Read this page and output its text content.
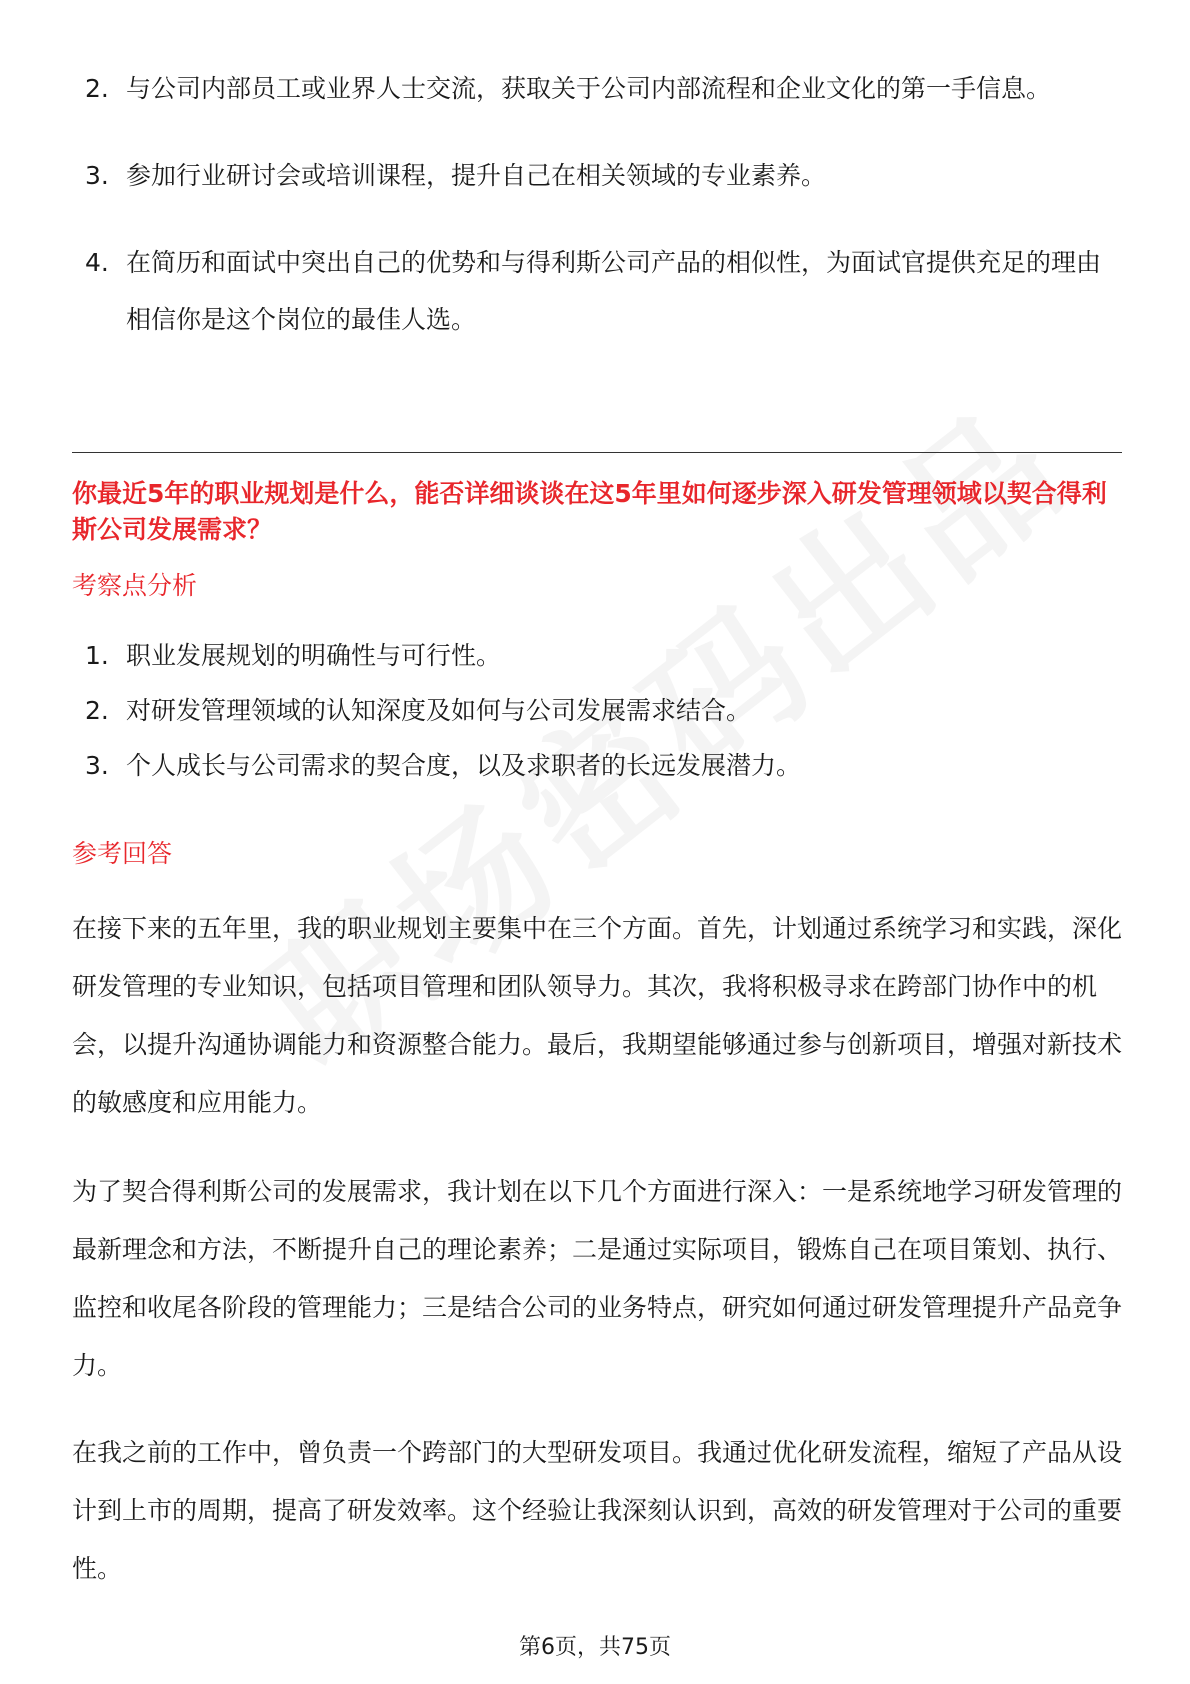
2. 与公司内部员工或业界人士交流，获取关于公司内部流程和企业文化的第一手信息。
3. 参加行业研讨会或培训课程，提升自己在相关领域的专业素养。
4. 在简历和面试中突出自己的优势和与得利斯公司产品的相似性，为面试官提供充足的理由相信你是这个岗位的最佳人选。
你最近5年的职业规划是什么，能否详细谈谈在这5年里如何逐步深入研发管理领域以契合得利斯公司发展需求？
考察点分析
1. 职业发展规划的明确性与可行性。
2. 对研发管理领域的认知深度及如何与公司发展需求结合。
3. 个人成长与公司需求的契合度，以及求职者的长远发展潜力。
参考回答

在接下来的五年里，我的职业规划主要集中在三个方面。首先，计划通过系统学习和实践，深化研发管理的专业知识，包括项目管理和团队领导力。其次，我将积极寻求在跨部门协作中的机会，以提升沟通协调能力和资源整合能力。最后，我期望能够通过参与创新项目，增强对新技术的敏感度和应用能力。

为了契合得利斯公司的发展需求，我计划在以下几个方面进行深入：一是系统地学习研发管理的最新理念和方法，不断提升自己的理论素养；二是通过实际项目，锻炼自己在项目策划、执行、监控和收尾各阶段的管理能力；三是结合公司的业务特点，研究如何通过研发管理提升产品竞争力。

在我之前的工作中，曾负责一个跨部门的大型研发项目。我通过优化研发流程，缩短了产品从设计到上市的周期，提高了研发效率。这个经验让我深刻认识到，高效的研发管理对于公司的重要性。

第6页，共75页
